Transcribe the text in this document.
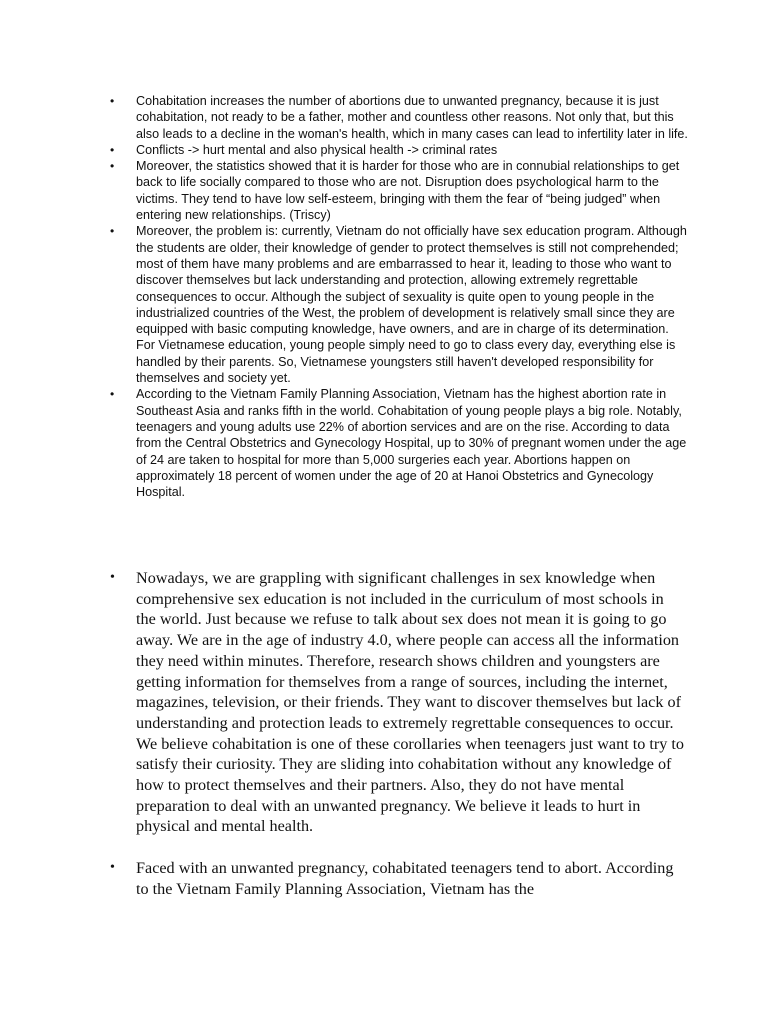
• Cohabitation increases the number of abortions due to unwanted pregnancy, because it is just cohabitation, not ready to be a father, mother and countless other reasons. Not only that, but this also leads to a decline in the woman's health, which in many cases can lead to infertility later in life.
• Conflicts -> hurt mental and also physical health -> criminal rates
• Moreover, the statistics showed that it is harder for those who are in connubial relationships to get back to life socially compared to those who are not. Disruption does psychological harm to the victims. They tend to have low self-esteem, bringing with them the fear of “being judged” when entering new relationships. (Triscy)
• Moreover, the problem is: currently, Vietnam do not officially have sex education program. Although the students are older, their knowledge of gender to protect themselves is still not comprehended; most of them have many problems and are embarrassed to hear it, leading to those who want to discover themselves but lack understanding and protection, allowing extremely regrettable consequences to occur. Although the subject of sexuality is quite open to young people in the industrialized countries of the West, the problem of development is relatively small since they are equipped with basic computing knowledge, have owners, and are in charge of its determination. For Vietnamese education, young people simply need to go to class every day, everything else is handled by their parents. So, Vietnamese youngsters still haven't developed responsibility for themselves and society yet.
• According to the Vietnam Family Planning Association, Vietnam has the highest abortion rate in Southeast Asia and ranks fifth in the world. Cohabitation of young people plays a big role. Notably, teenagers and young adults use 22% of abortion services and are on the rise. According to data from the Central Obstetrics and Gynecology Hospital, up to 30% of pregnant women under the age of 24 are taken to hospital for more than 5,000 surgeries each year. Abortions happen on approximately 18 percent of women under the age of 20 at Hanoi Obstetrics and Gynecology Hospital.
• Nowadays, we are grappling with significant challenges in sex knowledge when comprehensive sex education is not included in the curriculum of most schools in the world. Just because we refuse to talk about sex does not mean it is going to go away. We are in the age of industry 4.0, where people can access all the information they need within minutes. Therefore, research shows children and youngsters are getting information for themselves from a range of sources, including the internet, magazines, television, or their friends. They want to discover themselves but lack of understanding and protection leads to extremely regrettable consequences to occur. We believe cohabitation is one of these corollaries when teenagers just want to try to satisfy their curiosity. They are sliding into cohabitation without any knowledge of how to protect themselves and their partners. Also, they do not have mental preparation to deal with an unwanted pregnancy. We believe it leads to hurt in physical and mental health.
• Faced with an unwanted pregnancy, cohabitated teenagers tend to abort. According to the Vietnam Family Planning Association, Vietnam has the
